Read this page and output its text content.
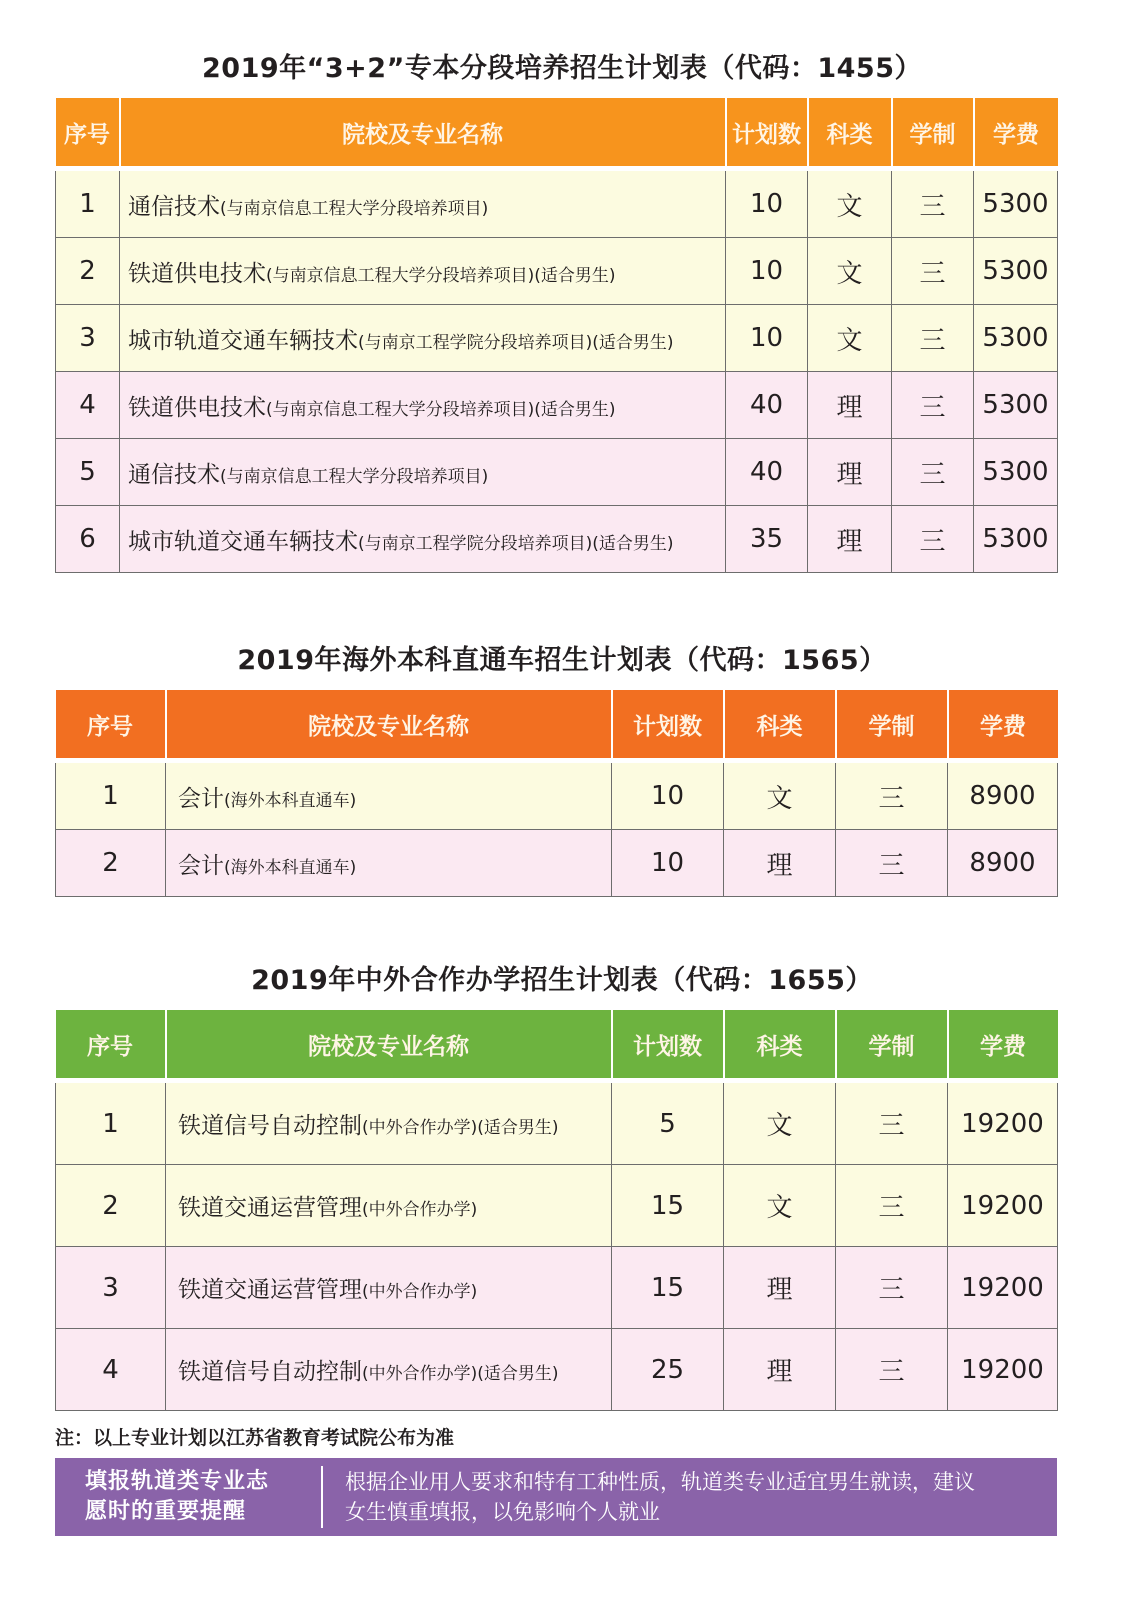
2019年“3+2”专本分段培养招生计划表（代码：1455）
序号	院校及专业名称	计划数	科类	学制	学费
1	通信技术(与南京信息工程大学分段培养项目)	10	文	三	5300
2	铁道供电技术(与南京信息工程大学分段培养项目)(适合男生)	10	文	三	5300
3	城市轨道交通车辆技术(与南京工程学院分段培养项目)(适合男生)	10	文	三	5300
4	铁道供电技术(与南京信息工程大学分段培养项目)(适合男生)	40	理	三	5300
5	通信技术(与南京信息工程大学分段培养项目)	40	理	三	5300
6	城市轨道交通车辆技术(与南京工程学院分段培养项目)(适合男生)	35	理	三	5300
2019年海外本科直通车招生计划表（代码：1565）
序号	院校及专业名称	计划数	科类	学制	学费
1	会计(海外本科直通车)	10	文	三	8900
2	会计(海外本科直通车)	10	理	三	8900
2019年中外合作办学招生计划表（代码：1655）
序号	院校及专业名称	计划数	科类	学制	学费
1	铁道信号自动控制(中外合作办学)(适合男生)	5	文	三	19200
2	铁道交通运营管理(中外合作办学)	15	文	三	19200
3	铁道交通运营管理(中外合作办学)	15	理	三	19200
4	铁道信号自动控制(中外合作办学)(适合男生)	25	理	三	19200
注：以上专业计划以江苏省教育考试院公布为准
填报轨道类专业志
愿时的重要提醒
根据企业用人要求和特有工种性质，轨道类专业适宜男生就读，建议
女生慎重填报，以免影响个人就业
